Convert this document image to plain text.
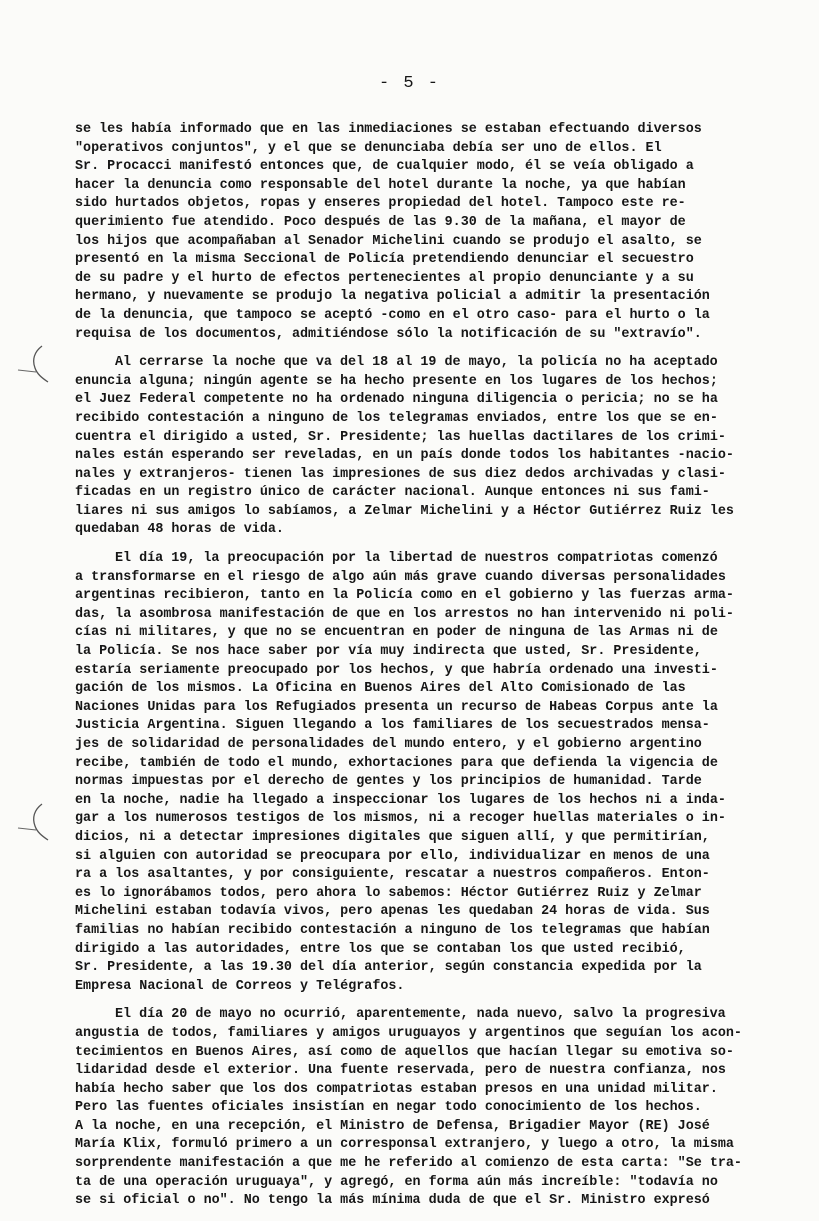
- 5 -
se les había informado que en las inmediaciones se estaban efectuando diversos
"operativos conjuntos", y el que se denunciaba debía ser uno de ellos. El
Sr. Procacci manifestó entonces que, de cualquier modo, él se veía obligado a
hacer la denuncia como responsable del hotel durante la noche, ya que habían
sido hurtados objetos, ropas y enseres propiedad del hotel. Tampoco este re-
querimiento fue atendido. Poco después de las 9.30 de la mañana, el mayor de
los hijos que acompañaban al Senador Michelini cuando se produjo el asalto, se
presentó en la misma Seccional de Policía pretendiendo denunciar el secuestro
de su padre y el hurto de efectos pertenecientes al propio denunciante y a su
hermano, y nuevamente se produjo la negativa policial a admitir la presentación
de la denuncia, que tampoco se aceptó -como en el otro caso- para el hurto o la
requisa de los documentos, admitiéndose sólo la notificación de su "extravío".
Al cerrarse la noche que va del 18 al 19 de mayo, la policía no ha aceptado
enuncia alguna; ningún agente se ha hecho presente en los lugares de los hechos;
el Juez Federal competente no ha ordenado ninguna diligencia o pericia; no se ha
recibido contestación a ninguno de los telegramas enviados, entre los que se en-
cuentra el dirigido a usted, Sr. Presidente; las huellas dactilares de los crimi-
nales están esperando ser reveladas, en un país donde todos los habitantes -nacio-
nales y extranjeros- tienen las impresiones de sus diez dedos archivadas y clasi-
ficadas en un registro único de carácter nacional. Aunque entonces ni sus fami-
liares ni sus amigos lo sabíamos, a Zelmar Michelini y a Héctor Gutiérrez Ruiz les
quedaban 48 horas de vida.
El día 19, la preocupación por la libertad de nuestros compatriotas comenzó
a transformarse en el riesgo de algo aún más grave cuando diversas personalidades
argentinas recibieron, tanto en la Policía como en el gobierno y las fuerzas arma-
das, la asombrosa manifestación de que en los arrestos no han intervenido ni poli-
cías ni militares, y que no se encuentran en poder de ninguna de las Armas ni de
la Policía. Se nos hace saber por vía muy indirecta que usted, Sr. Presidente,
estaría seriamente preocupado por los hechos, y que habría ordenado una investi-
gación de los mismos. La Oficina en Buenos Aires del Alto Comisionado de las
Naciones Unidas para los Refugiados presenta un recurso de Habeas Corpus ante la
Justicia Argentina. Siguen llegando a los familiares de los secuestrados mensa-
jes de solidaridad de personalidades del mundo entero, y el gobierno argentino
recibe, también de todo el mundo, exhortaciones para que defienda la vigencia de
normas impuestas por el derecho de gentes y los principios de humanidad. Tarde
en la noche, nadie ha llegado a inspeccionar los lugares de los hechos ni a inda-
gar a los numerosos testigos de los mismos, ni a recoger huellas materiales o in-
dicios, ni a detectar impresiones digitales que siguen allí, y que permitirían,
si alguien con autoridad se preocupara por ello, individualizar en menos de una
ra a los asaltantes, y por consiguiente, rescatar a nuestros compañeros. Enton-
es lo ignorábamos todos, pero ahora lo sabemos: Héctor Gutiérrez Ruiz y Zelmar
Michelini estaban todavía vivos, pero apenas les quedaban 24 horas de vida. Sus
familias no habían recibido contestación a ninguno de los telegramas que habían
dirigido a las autoridades, entre los que se contaban los que usted recibió,
Sr. Presidente, a las 19.30 del día anterior, según constancia expedida por la
Empresa Nacional de Correos y Telégrafos.
El día 20 de mayo no ocurrió, aparentemente, nada nuevo, salvo la progresiva
angustia de todos, familiares y amigos uruguayos y argentinos que seguían los acon-
tecimientos en Buenos Aires, así como de aquellos que hacían llegar su emotiva so-
lidaridad desde el exterior. Una fuente reservada, pero de nuestra confianza, nos
había hecho saber que los dos compatriotas estaban presos en una unidad militar.
Pero las fuentes oficiales insistían en negar todo conocimiento de los hechos.
A la noche, en una recepción, el Ministro de Defensa, Brigadier Mayor (RE) José
María Klix, formuló primero a un corresponsal extranjero, y luego a otro, la misma
sorprendente manifestación a que me he referido al comienzo de esta carta: "Se tra-
ta de una operación uruguaya", y agregó, en forma aún más increíble: "todavía no
se si oficial o no". No tengo la más mínima duda de que el Sr. Ministro expresó
